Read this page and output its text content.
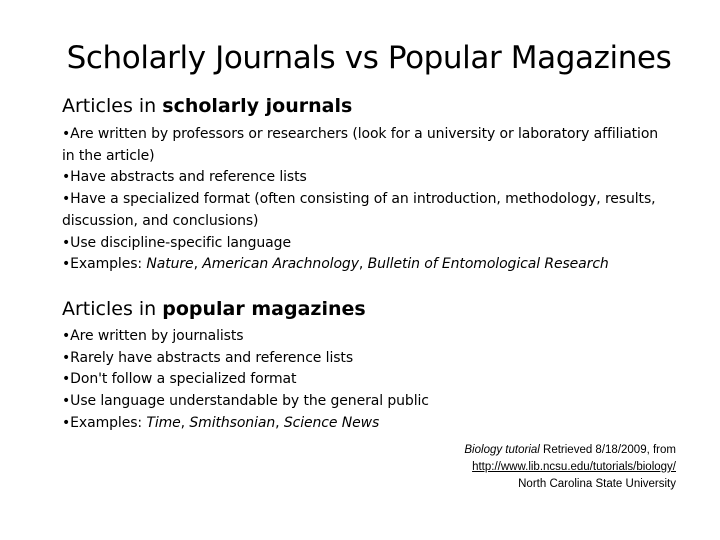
Scholarly Journals vs Popular Magazines
Articles in scholarly journals
•Are written by professors or researchers (look for a university or laboratory affiliation in the article)
•Have abstracts and reference lists
•Have a specialized format (often consisting of an introduction, methodology, results, discussion, and conclusions)
•Use discipline-specific language
•Examples: Nature, American Arachnology, Bulletin of Entomological Research
Articles in popular magazines
•Are written by journalists
•Rarely have abstracts and reference lists
•Don't follow a specialized format
•Use language understandable by the general public
•Examples: Time, Smithsonian, Science News
Biology tutorial Retrieved 8/18/2009, from
http://www.lib.ncsu.edu/tutorials/biology/
North Carolina State University
